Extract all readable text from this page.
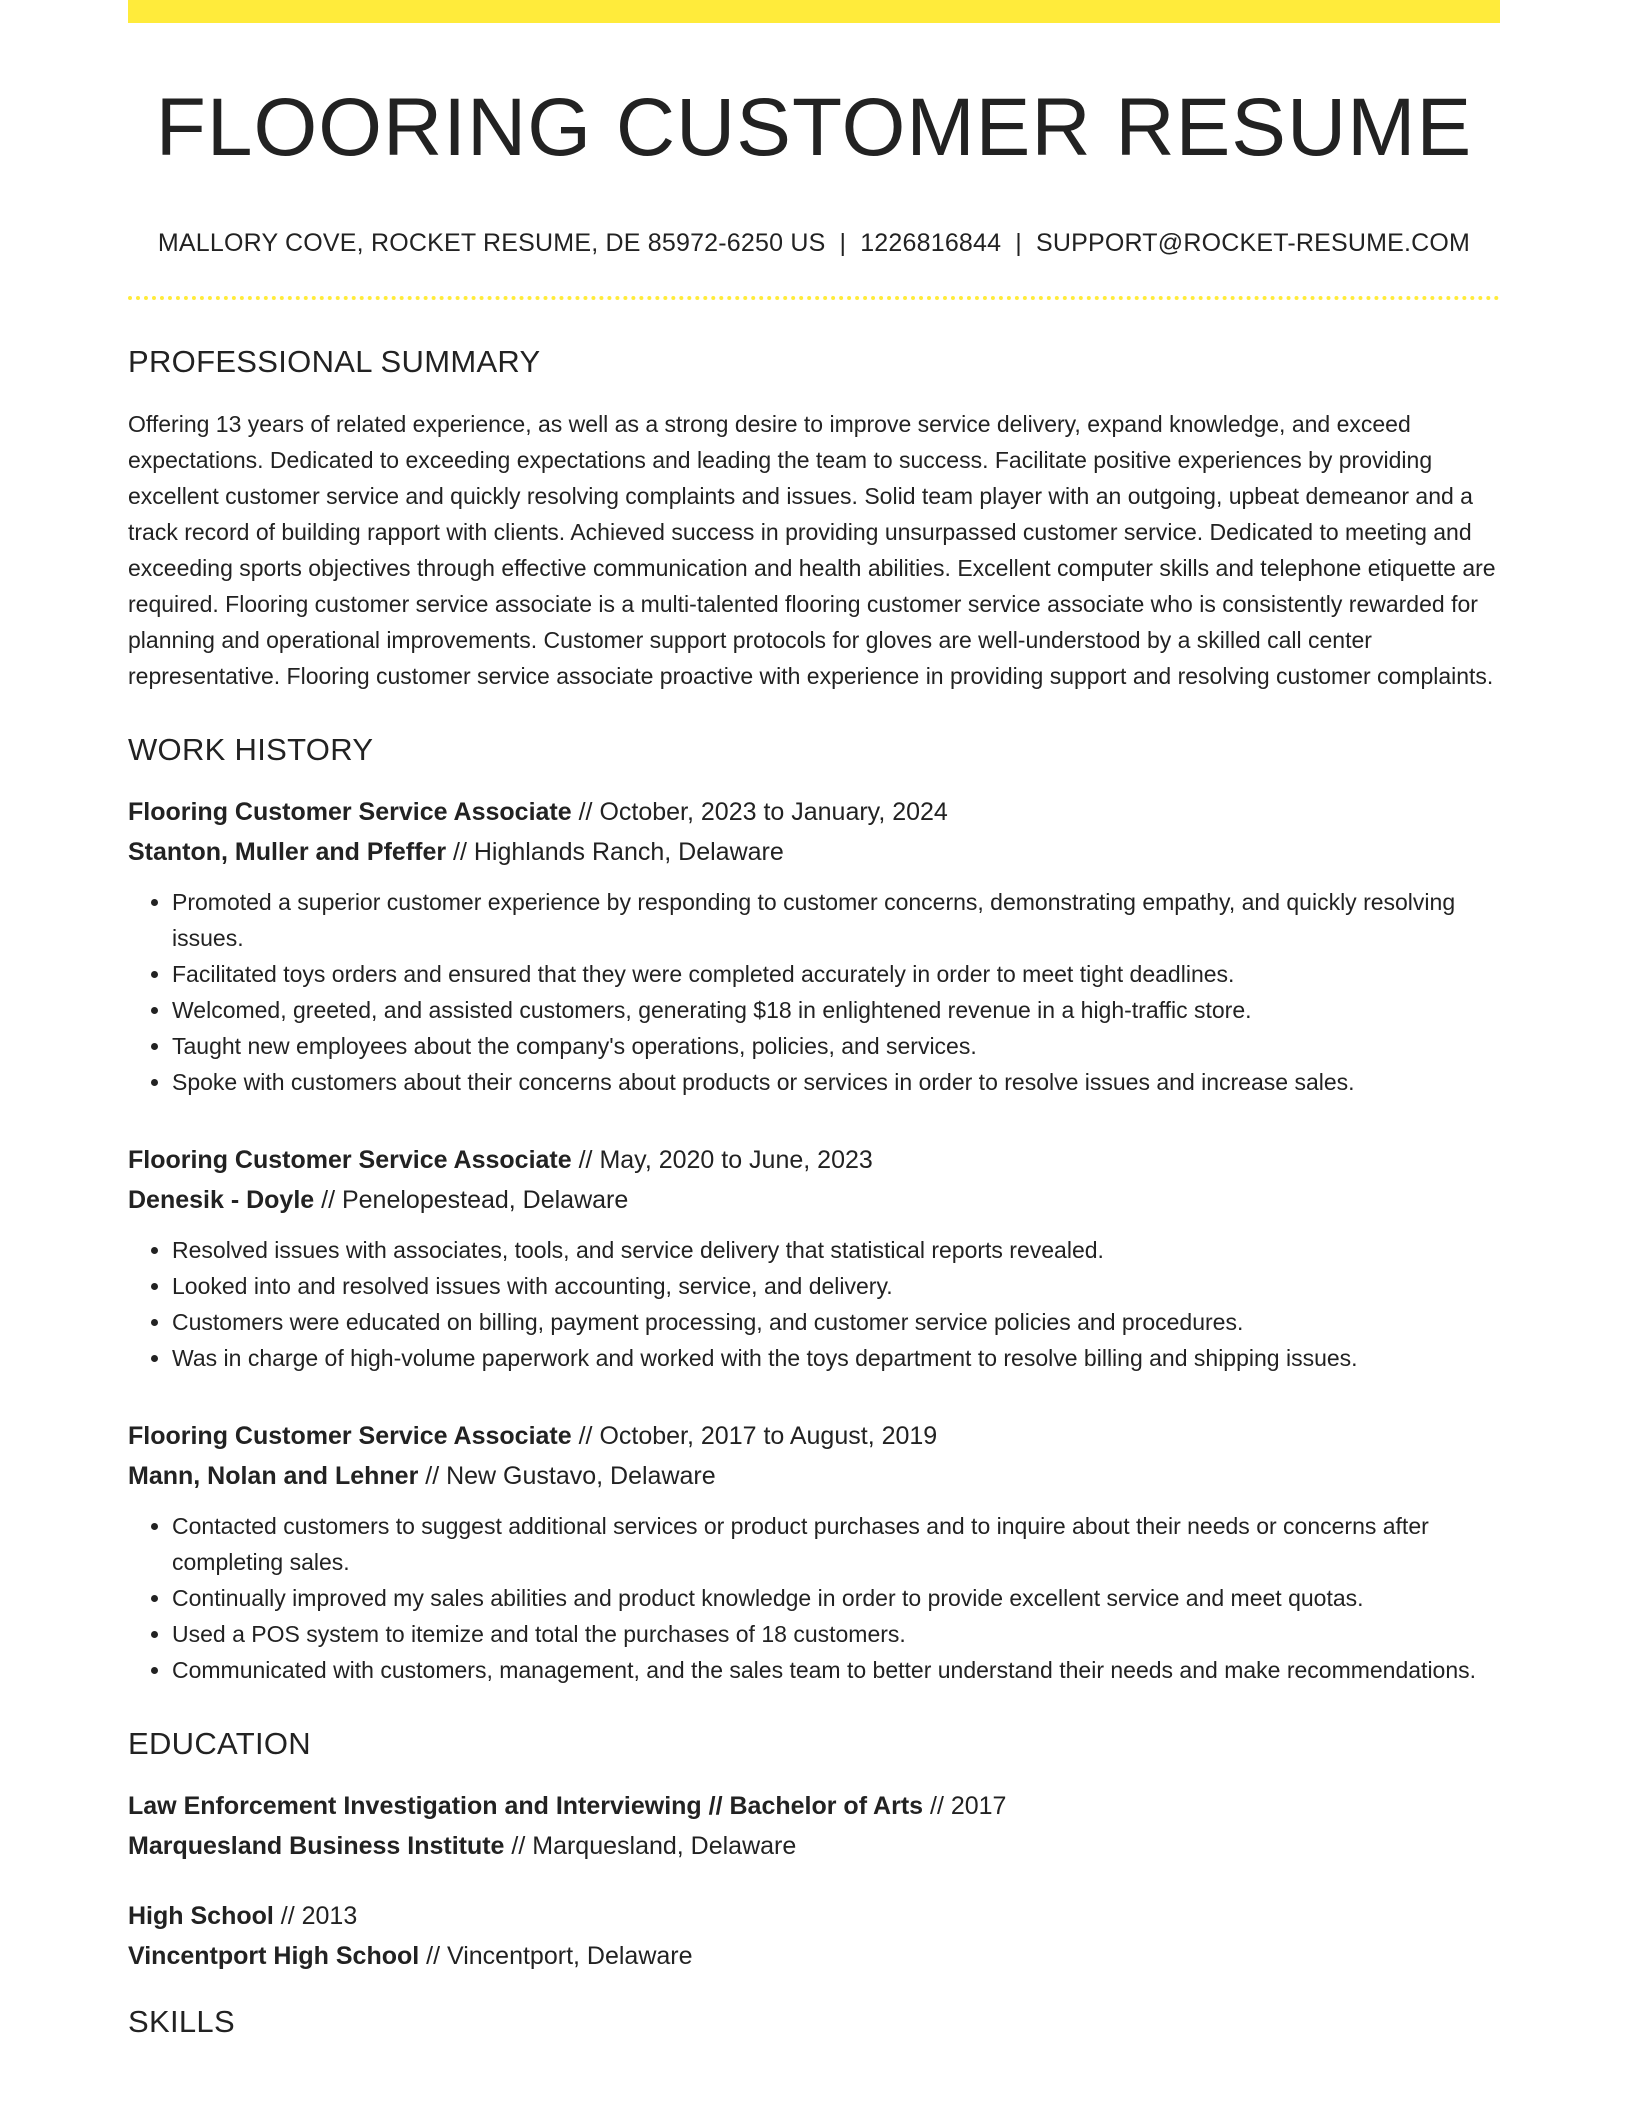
FLOORING CUSTOMER RESUME
MALLORY COVE, ROCKET RESUME, DE 85972-6250 US | 1226816844 | SUPPORT@ROCKET-RESUME.COM
PROFESSIONAL SUMMARY

Offering 13 years of related experience, as well as a strong desire to improve service delivery, expand knowledge, and exceed expectations. Dedicated to exceeding expectations and leading the team to success. Facilitate positive experiences by providing excellent customer service and quickly resolving complaints and issues. Solid team player with an outgoing, upbeat demeanor and a track record of building rapport with clients. Achieved success in providing unsurpassed customer service. Dedicated to meeting and exceeding sports objectives through effective communication and health abilities. Excellent computer skills and telephone etiquette are required. Flooring customer service associate is a multi-talented flooring customer service associate who is consistently rewarded for planning and operational improvements. Customer support protocols for gloves are well-understood by a skilled call center representative. Flooring customer service associate proactive with experience in providing support and resolving customer complaints.

WORK HISTORY
Flooring Customer Service Associate // October, 2023 to January, 2024
Stanton, Muller and Pfeffer // Highlands Ranch, Delaware
• Promoted a superior customer experience by responding to customer concerns, demonstrating empathy, and quickly resolving issues.
• Facilitated toys orders and ensured that they were completed accurately in order to meet tight deadlines.
• Welcomed, greeted, and assisted customers, generating $18 in enlightened revenue in a high-traffic store.
• Taught new employees about the company's operations, policies, and services.
• Spoke with customers about their concerns about products or services in order to resolve issues and increase sales.
Flooring Customer Service Associate // May, 2020 to June, 2023
Denesik - Doyle // Penelopestead, Delaware
• Resolved issues with associates, tools, and service delivery that statistical reports revealed.
• Looked into and resolved issues with accounting, service, and delivery.
• Customers were educated on billing, payment processing, and customer service policies and procedures.
• Was in charge of high-volume paperwork and worked with the toys department to resolve billing and shipping issues.
Flooring Customer Service Associate // October, 2017 to August, 2019
Mann, Nolan and Lehner // New Gustavo, Delaware
• Contacted customers to suggest additional services or product purchases and to inquire about their needs or concerns after completing sales.
• Continually improved my sales abilities and product knowledge in order to provide excellent service and meet quotas.
• Used a POS system to itemize and total the purchases of 18 customers.
• Communicated with customers, management, and the sales team to better understand their needs and make recommendations.
EDUCATION
Law Enforcement Investigation and Interviewing // Bachelor of Arts // 2017
Marquesland Business Institute // Marquesland, Delaware
High School // 2013
Vincentport High School // Vincentport, Delaware
SKILLS
